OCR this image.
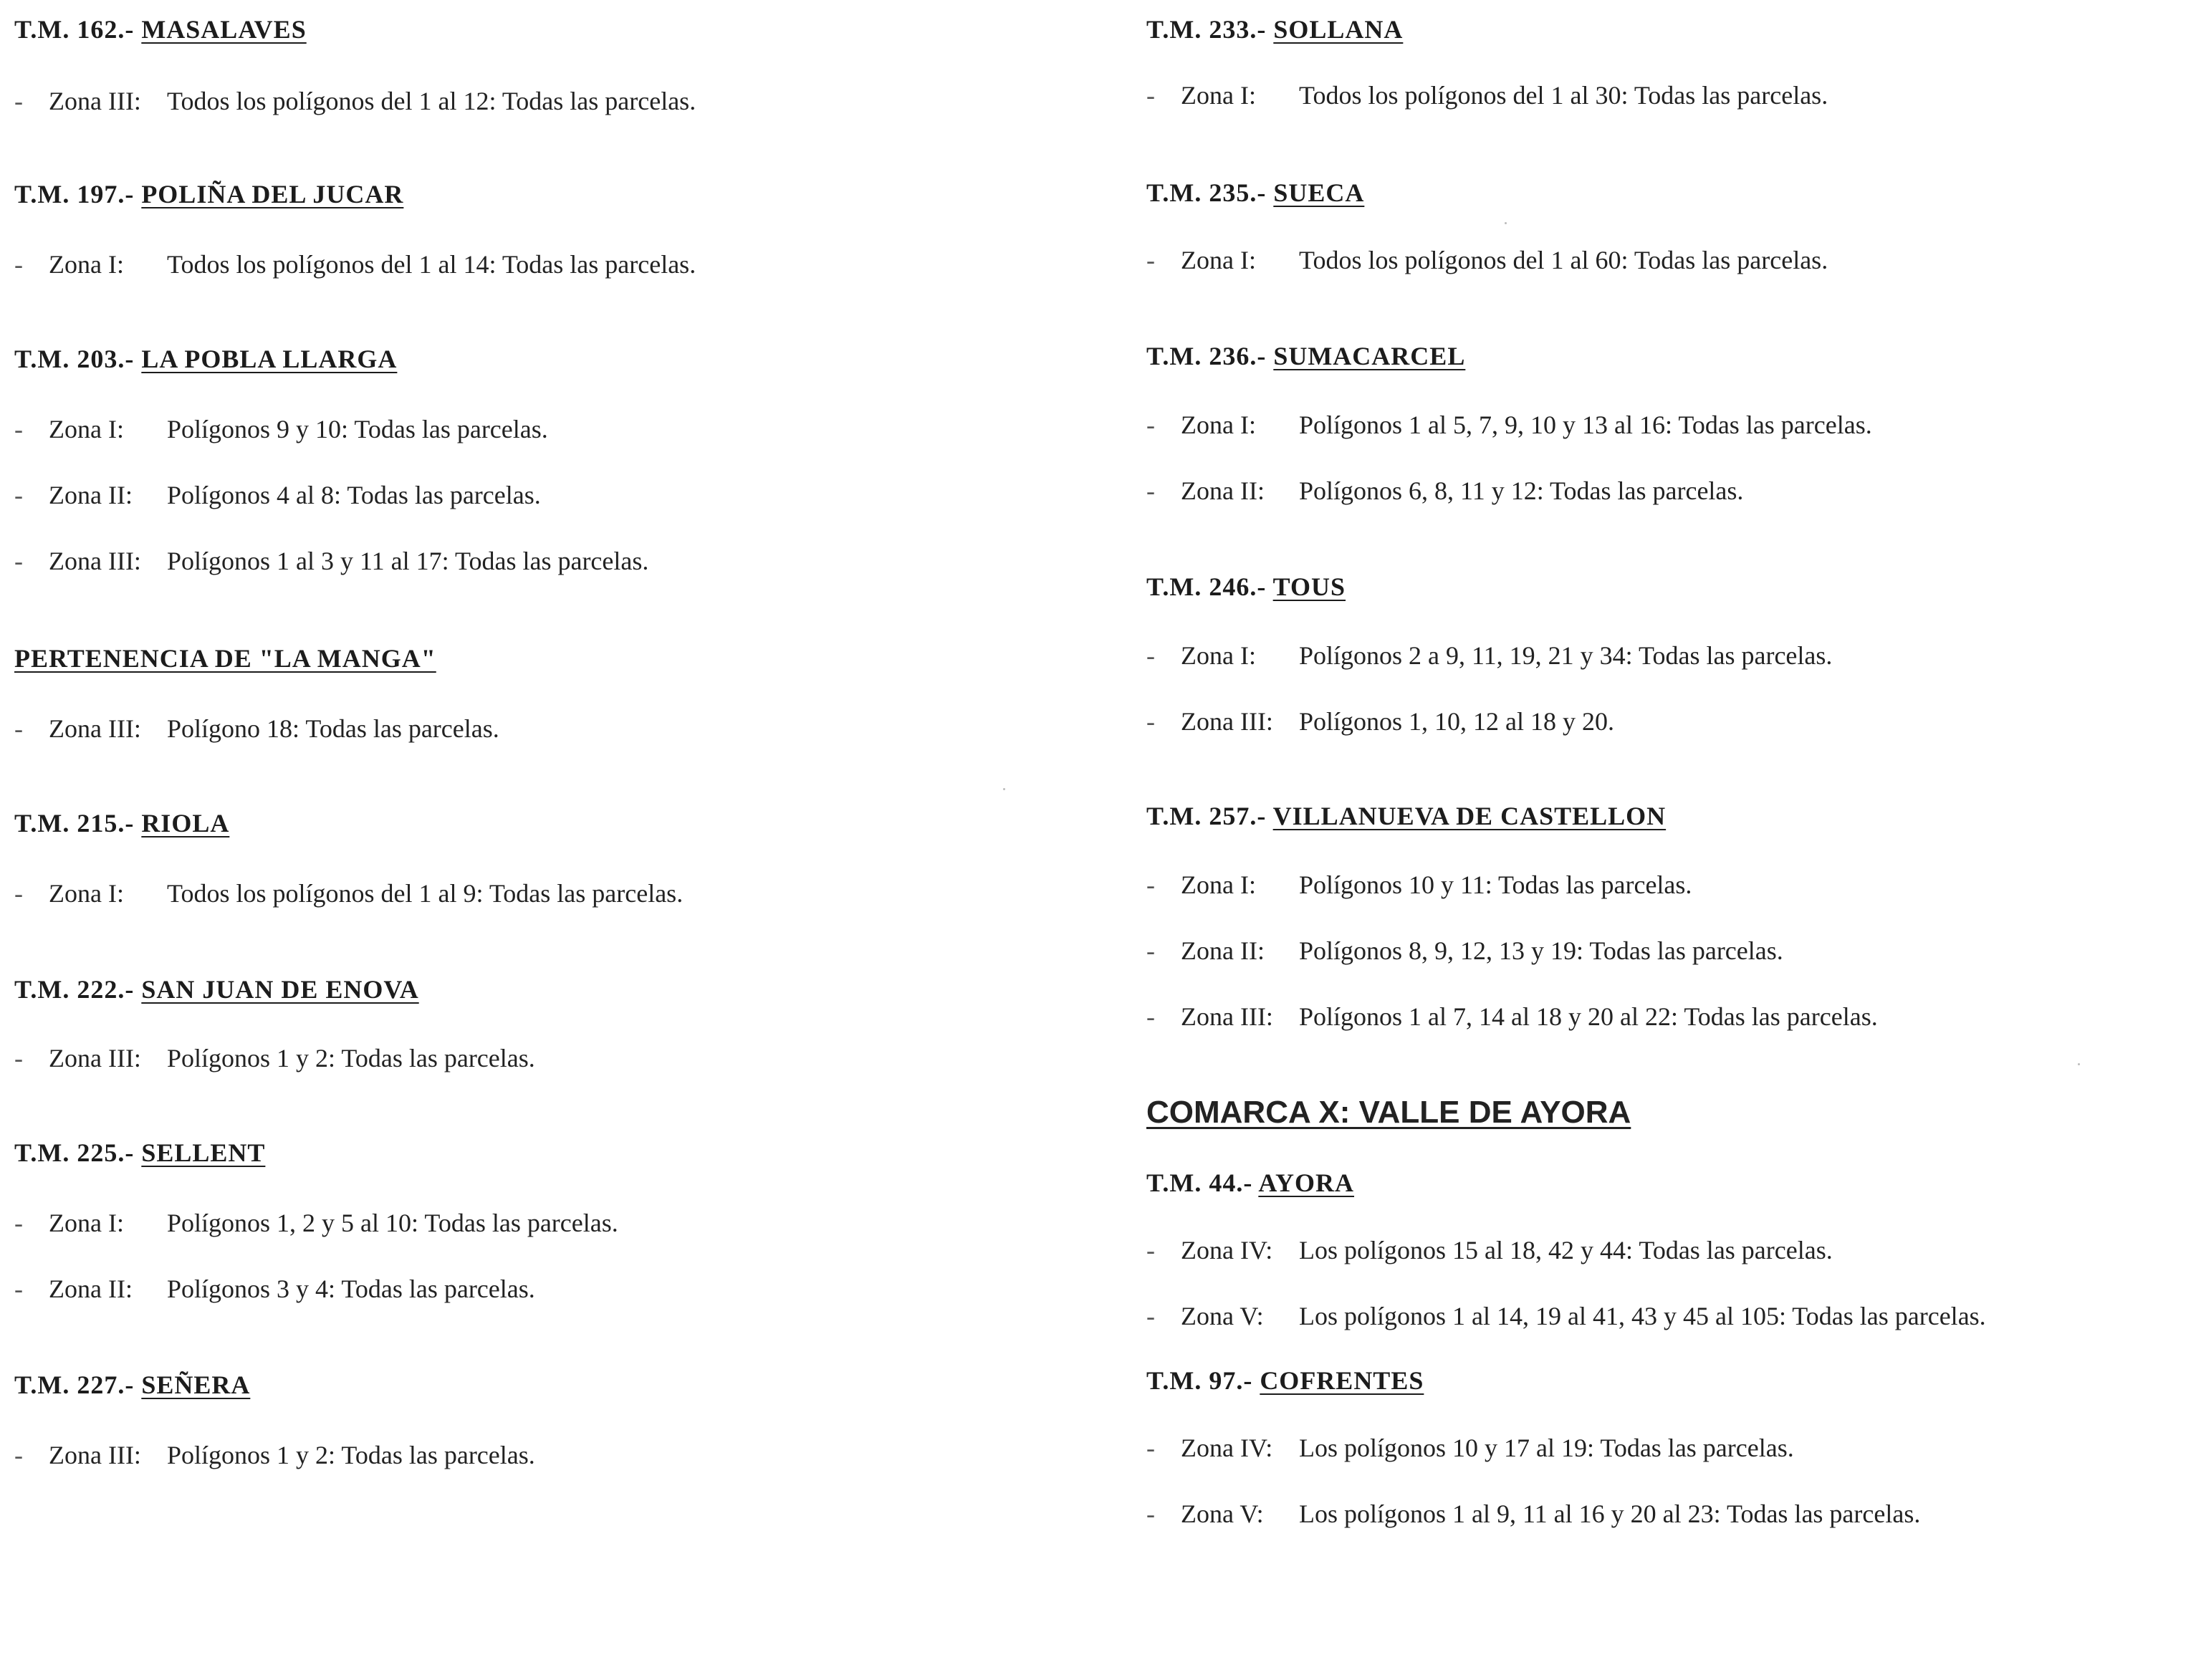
T.M. 162.- MASALAVES
- Zona III: Todos los polígonos del 1 al 12: Todas las parcelas.
T.M. 197.- POLIÑA DEL JUCAR
- Zona I: Todos los polígonos del 1 al 14: Todas las parcelas.
T.M. 203.- LA POBLA LLARGA
- Zona I: Polígonos 9 y 10: Todas las parcelas.
- Zona II: Polígonos 4 al 8: Todas las parcelas.
- Zona III: Polígonos 1 al 3 y 11 al 17: Todas las parcelas.
PERTENENCIA DE "LA MANGA"
- Zona III: Polígono 18: Todas las parcelas.
T.M. 215.- RIOLA
- Zona I: Todos los polígonos del 1 al 9: Todas las parcelas.
T.M. 222.- SAN JUAN DE ENOVA
- Zona III: Polígonos 1 y 2: Todas las parcelas.
T.M. 225.- SELLENT
- Zona I: Polígonos 1, 2 y 5 al 10: Todas las parcelas.
- Zona II: Polígonos 3 y 4: Todas las parcelas.
T.M. 227.- SEÑERA
- Zona III: Polígonos 1 y 2: Todas las parcelas.
T.M. 233.- SOLLANA
- Zona I: Todos los polígonos del 1 al 30: Todas las parcelas.
T.M. 235.- SUECA
- Zona I: Todos los polígonos del 1 al 60: Todas las parcelas.
T.M. 236.- SUMACARCEL
- Zona I: Polígonos 1 al 5, 7, 9, 10 y 13 al 16: Todas las parcelas.
- Zona II: Polígonos 6, 8, 11 y 12: Todas las parcelas.
T.M. 246.- TOUS
- Zona I: Polígonos 2 a 9, 11, 19, 21 y 34: Todas las parcelas.
- Zona III: Polígonos 1, 10, 12 al 18 y 20.
T.M. 257.- VILLANUEVA DE CASTELLON
- Zona I: Polígonos 10 y 11: Todas las parcelas.
- Zona II: Polígonos 8, 9, 12, 13 y 19: Todas las parcelas.
- Zona III: Polígonos 1 al 7, 14 al 18 y 20 al 22: Todas las parcelas.
COMARCA X: VALLE DE AYORA
T.M. 44.- AYORA
- Zona IV: Los polígonos 15 al 18, 42 y 44: Todas las parcelas.
- Zona V: Los polígonos 1 al 14, 19 al 41, 43 y 45 al 105: Todas las parcelas.
T.M. 97.- COFRENTES
- Zona IV: Los polígonos 10 y 17 al 19: Todas las parcelas.
- Zona V: Los polígonos 1 al 9, 11 al 16 y 20 al 23: Todas las parcelas.
